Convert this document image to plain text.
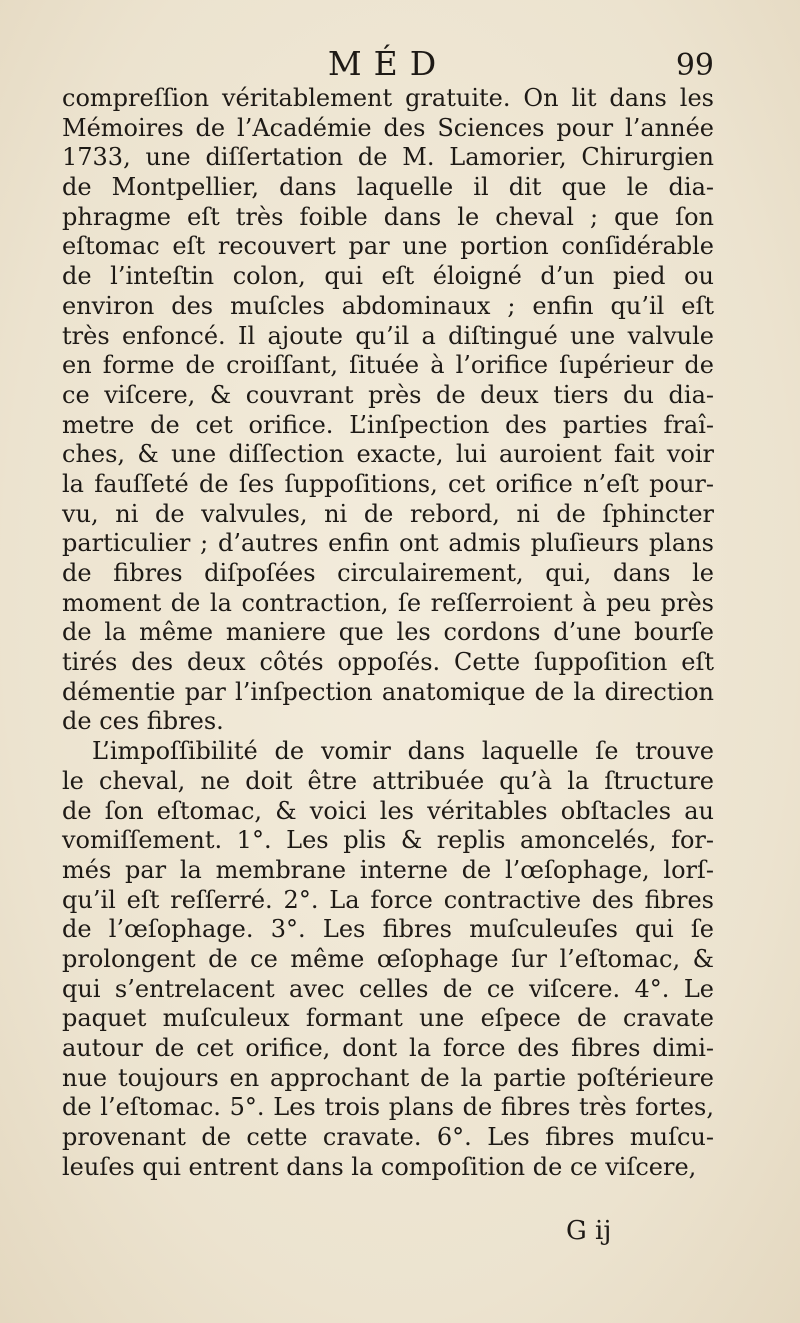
MÉD	99
compreſſion véritablement gratuite. On lit dans les
Mémoires de l’Académie des Sciences pour l’année
1733, une diſſertation de M. Lamorier, Chirurgien
de Montpellier, dans laquelle il dit que le dia-
phragme eſt très foible dans le cheval ; que ſon
eſtomac eſt recouvert par une portion conſidérable
de l’inteſtin colon, qui eſt éloigné d’un pied ou
environ des muſcles abdominaux ; enfin qu’il eſt
très enfoncé. Il ajoute qu’il a diſtingué une valvule
en forme de croiſſant, ſituée à l’orifice ſupérieur de
ce viſcere, & couvrant près de deux tiers du dia-
metre de cet orifice. L’inſpection des parties fraî-
ches, & une diſſection exacte, lui auroient fait voir
la fauſſeté de ſes ſuppoſitions, cet orifice n’eſt pour-
vu, ni de valvules, ni de rebord, ni de ſphincter
particulier ; d’autres enfin ont admis pluſieurs plans
de fibres diſpoſées circulairement, qui, dans le
moment de la contraction, ſe reſſerroient à peu près
de la même maniere que les cordons d’une bourſe
tirés des deux côtés oppoſés. Cette ſuppoſition eſt
démentie par l’inſpection anatomique de la direction
de ces fibres.
L’impoſſibilité de vomir dans laquelle ſe trouve
le cheval, ne doit être attribuée qu’à la ſtructure
de ſon eſtomac, & voici les véritables obſtacles au
vomiſſement. 1°. Les plis & replis amoncelés, for-
més par la membrane interne de l’œſophage, lorſ-
qu’il eſt reſſerré. 2°. La force contractive des fibres
de l’œſophage. 3°. Les fibres muſculeuſes qui ſe
prolongent de ce même œſophage ſur l’eſtomac, &
qui s’entrelacent avec celles de ce viſcere. 4°. Le
paquet muſculeux formant une eſpece de cravate
autour de cet orifice, dont la force des fibres dimi-
nue toujours en approchant de la partie poſtérieure
de l’eſtomac. 5°. Les trois plans de fibres très fortes,
provenant de cette cravate. 6°. Les fibres muſcu-
leuſes qui entrent dans la compoſition de ce viſcere,
G ij
